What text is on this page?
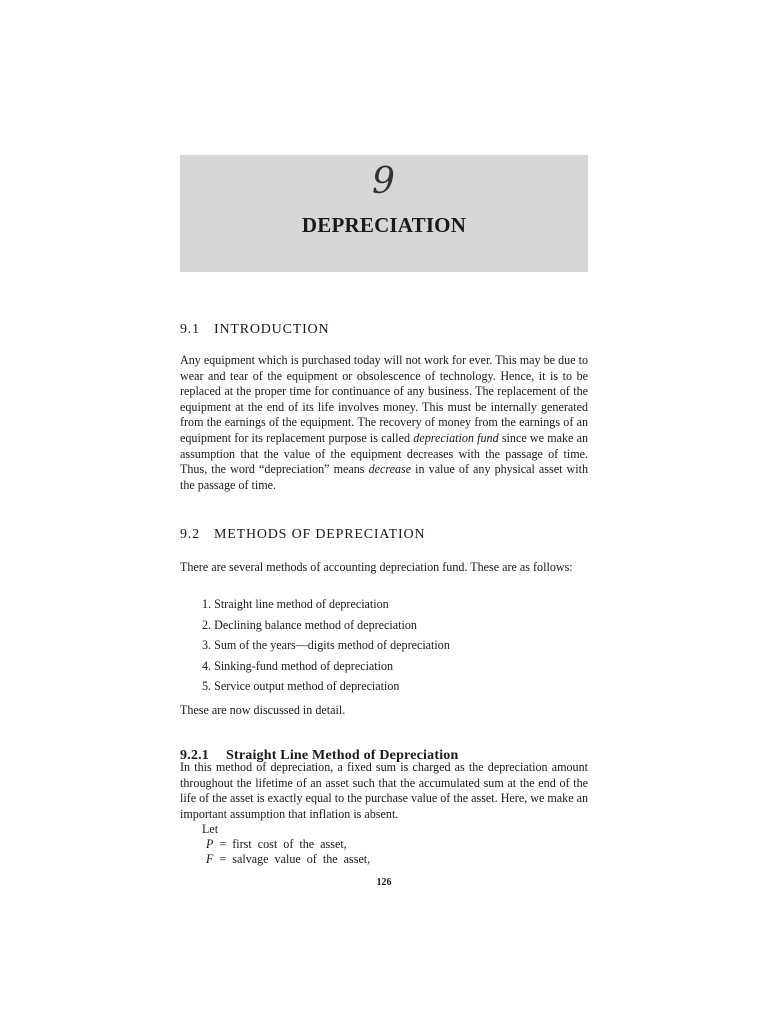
9
DEPRECIATION
9.1 INTRODUCTION

Any equipment which is purchased today will not work for ever. This may be due to wear and tear of the equipment or obsolescence of technology. Hence, it is to be replaced at the proper time for continuance of any business. The replacement of the equipment at the end of its life involves money. This must be internally generated from the earnings of the equipment. The recovery of money from the earnings of an equipment for its replacement purpose is called depreciation fund since we make an assumption that the value of the equipment decreases with the passage of time. Thus, the word “depreciation” means decrease in value of any physical asset with the passage of time.

9.2 METHODS OF DEPRECIATION

There are several methods of accounting depreciation fund. These are as follows:

1. Straight line method of depreciation
2. Declining balance method of depreciation
3. Sum of the years—digits method of depreciation
4. Sinking-fund method of depreciation
5. Service output method of depreciation

These are now discussed in detail.

9.2.1 Straight Line Method of Depreciation

In this method of depreciation, a fixed sum is charged as the depreciation amount throughout the lifetime of an asset such that the accumulated sum at the end of the life of the asset is exactly equal to the purchase value of the asset. Here, we make an important assumption that inflation is absent.

Let
P = first cost of the asset,
F = salvage value of the asset,
126
